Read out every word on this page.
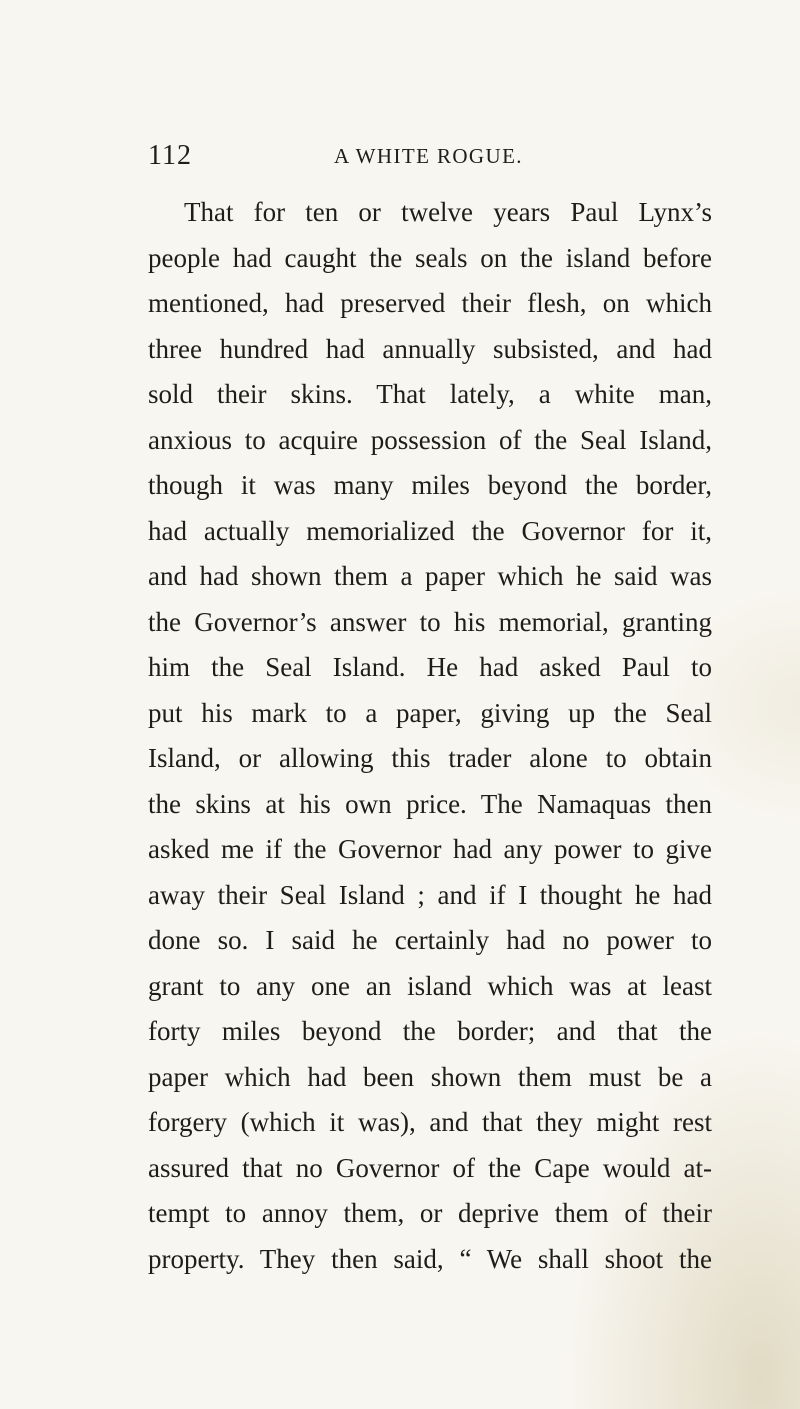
112	A WHITE ROGUE.
That for ten or twelve years Paul Lynx’s
people had caught the seals on the island before
mentioned, had preserved their flesh, on which
three hundred had annually subsisted, and had
sold their skins. That lately, a white man,
anxious to acquire possession of the Seal Island,
though it was many miles beyond the border,
had actually memorialized the Governor for it,
and had shown them a paper which he said was
the Governor’s answer to his memorial, granting
him the Seal Island. He had asked Paul to
put his mark to a paper, giving up the Seal
Island, or allowing this trader alone to obtain
the skins at his own price. The Namaquas then
asked me if the Governor had any power to give
away their Seal Island ; and if I thought he had
done so. I said he certainly had no power to
grant to any one an island which was at least
forty miles beyond the border; and that the
paper which had been shown them must be a
forgery (which it was), and that they might rest
assured that no Governor of the Cape would at-
tempt to annoy them, or deprive them of their
property. They then said, “ We shall shoot the
